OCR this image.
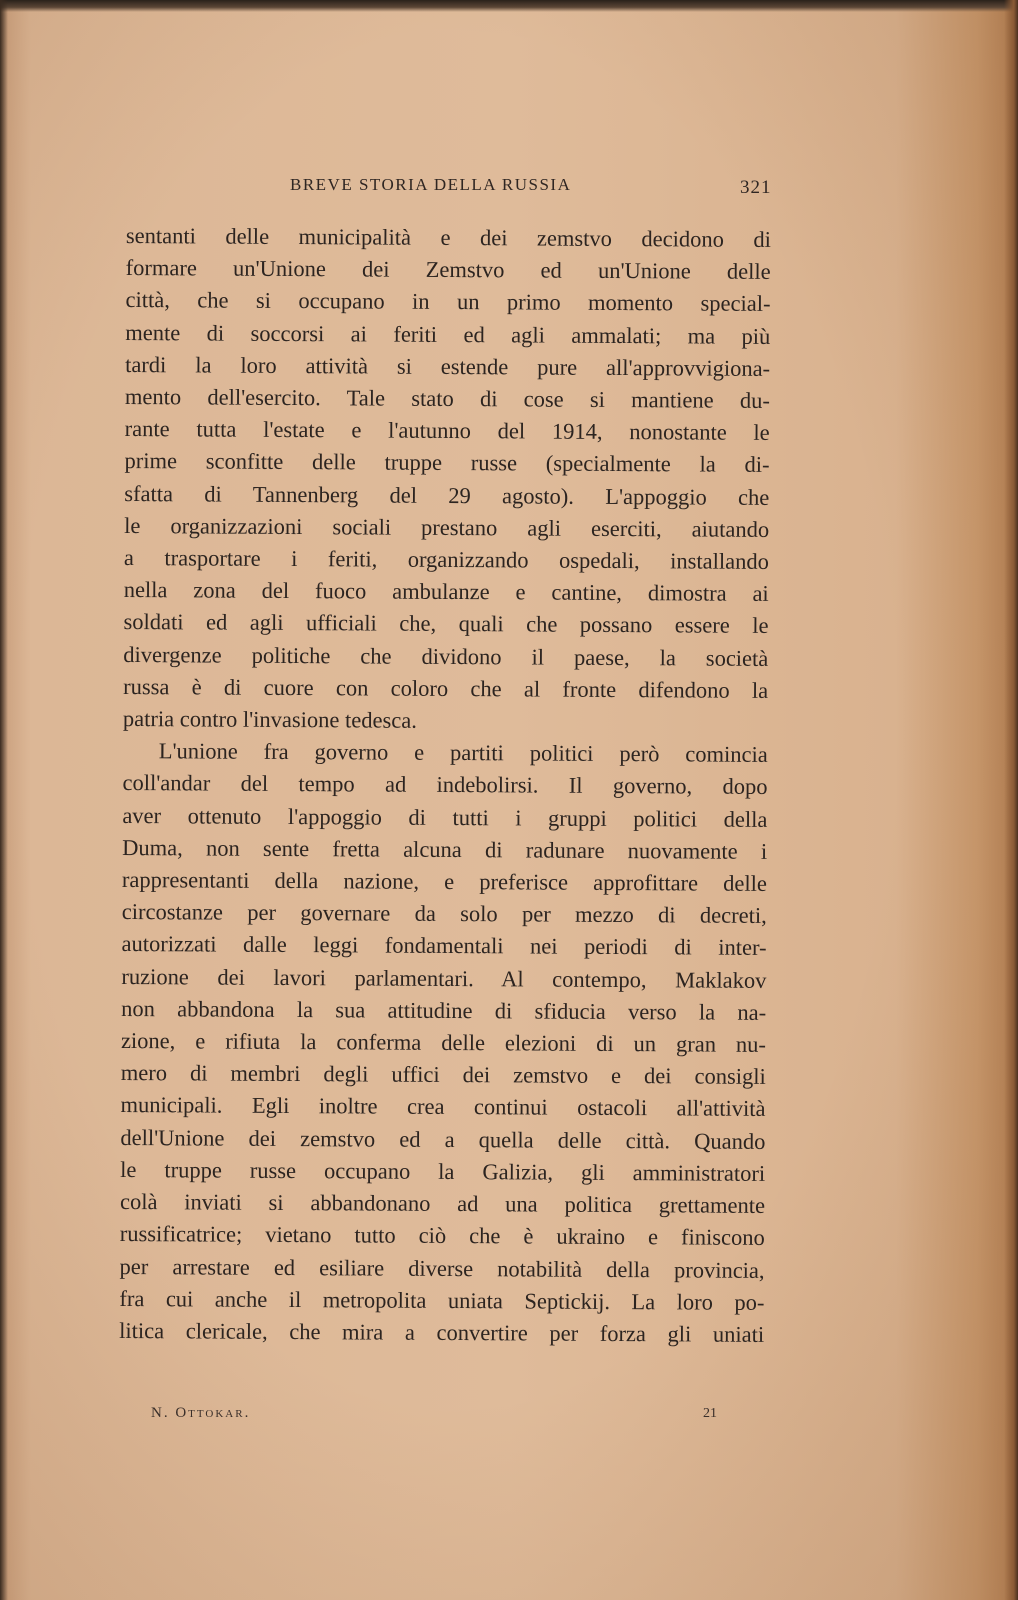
BREVE STORIA DELLA RUSSIA	321
sentanti delle municipalità e dei zemstvo decidono di
formare un'Unione dei Zemstvo ed un'Unione delle
città, che si occupano in un primo momento special-
mente di soccorsi ai feriti ed agli ammalati; ma più
tardi la loro attività si estende pure all'approvvigiona-
mento dell'esercito. Tale stato di cose si mantiene du-
rante tutta l'estate e l'autunno del 1914, nonostante le
prime sconfitte delle truppe russe (specialmente la di-
sfatta di Tannenberg del 29 agosto). L'appoggio che
le organizzazioni sociali prestano agli eserciti, aiutando
a trasportare i feriti, organizzando ospedali, installando
nella zona del fuoco ambulanze e cantine, dimostra ai
soldati ed agli ufficiali che, quali che possano essere le
divergenze politiche che dividono il paese, la società
russa è di cuore con coloro che al fronte difendono la
patria contro l'invasione tedesca.
L'unione fra governo e partiti politici però comincia
coll'andar del tempo ad indebolirsi. Il governo, dopo
aver ottenuto l'appoggio di tutti i gruppi politici della
Duma, non sente fretta alcuna di radunare nuovamente i
rappresentanti della nazione, e preferisce approfittare delle
circostanze per governare da solo per mezzo di decreti,
autorizzati dalle leggi fondamentali nei periodi di inter-
ruzione dei lavori parlamentari. Al contempo, Maklakov
non abbandona la sua attitudine di sfiducia verso la na-
zione, e rifiuta la conferma delle elezioni di un gran nu-
mero di membri degli uffici dei zemstvo e dei consigli
municipali. Egli inoltre crea continui ostacoli all'attività
dell'Unione dei zemstvo ed a quella delle città. Quando
le truppe russe occupano la Galizia, gli amministratori
colà inviati si abbandonano ad una politica grettamente
russificatrice; vietano tutto ciò che è ukraino e finiscono
per arrestare ed esiliare diverse notabilità della provincia,
fra cui anche il metropolita uniata Septickij. La loro po-
litica clericale, che mira a convertire per forza gli uniati
N. Ottokar.	21
